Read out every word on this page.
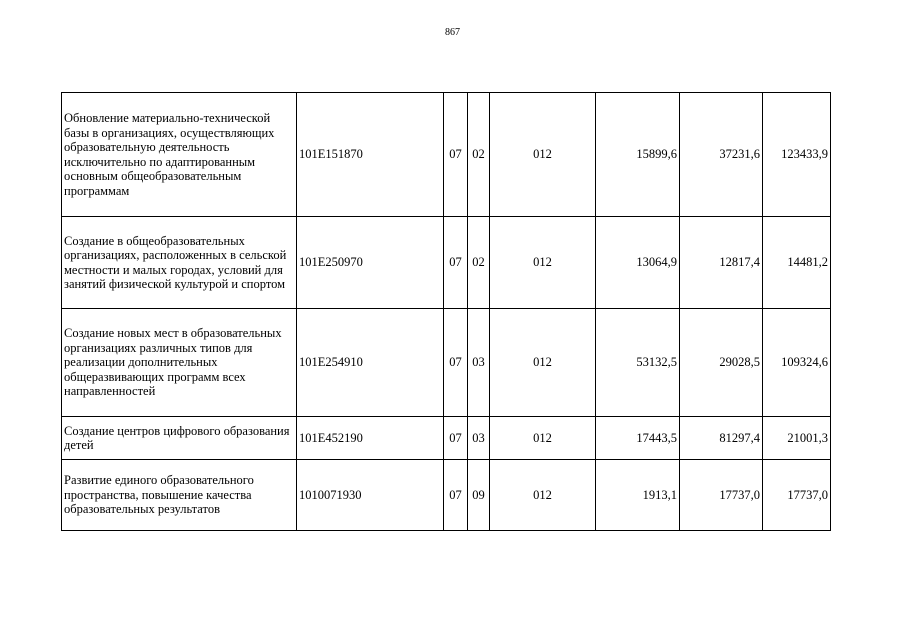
867
Обновление материально-технической базы в организациях, осуществляющих образовательную деятельность исключительно по адаптированным основным общеобразовательным программам	101E151870	07	02	012	15899,6	37231,6	123433,9
Создание в общеобразовательных организациях, расположенных в сельской местности и малых городах, условий для занятий физической культурой и спортом	101E250970	07	02	012	13064,9	12817,4	14481,2
Создание новых мест в образовательных организациях различных типов для реализации дополнительных общеразвивающих программ всех направленностей	101E254910	07	03	012	53132,5	29028,5	109324,6
Создание центров цифрового образования детей	101E452190	07	03	012	17443,5	81297,4	21001,3
Развитие единого образовательного пространства, повышение качества образовательных результатов	1010071930	07	09	012	1913,1	17737,0	17737,0
